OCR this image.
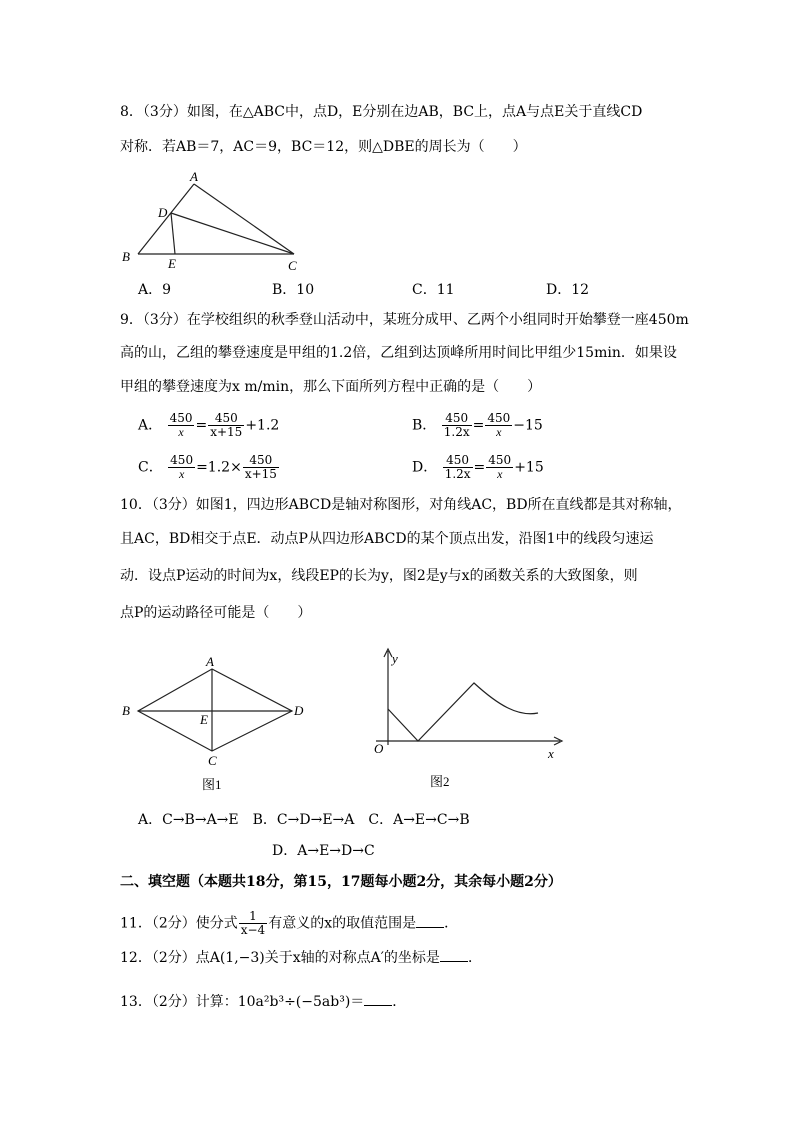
8．（3分）如图，在△ABC中，点D，E分别在边AB，BC上，点A与点E关于直线CD
对称．若AB＝7，AC＝9，BC＝12，则△DBE的周长为（　　）
A
D
B	E	C
A．9	B．10	C．11	D．12
9．（3分）在学校组织的秋季登山活动中，某班分成甲、乙两个小组同时开始攀登一座450m
高的山，乙组的攀登速度是甲组的1.2倍，乙组到达顶峰所用时间比甲组少15min．如果设
甲组的攀登速度为x m/min，那么下面所列方程中正确的是（　　）
A． $\frac{450}{x} = \frac{450}{x+15} +1.2$	B． $\frac{450}{1.2x} = \frac{450}{x} -15$
C． $\frac{450}{x} =1.2\times \frac{450}{x+15}$	D． $\frac{450}{1.2x} = \frac{450}{x} +15$
10．（3分）如图1，四边形ABCD是轴对称图形，对角线AC，BD所在直线都是其对称轴，
且AC，BD相交于点E．动点P从四边形ABCD的某个顶点出发，沿图1中的线段匀速运
动．设点P运动的时间为x，线段EP的长为y，图2是y与x的函数关系的大致图象，则
点P的运动路径可能是（　　）
A
B	D
E
C
图1
y
x
O
图2
A．C→B→A→E　B．C→D→E→A　C．A→E→C→B
D．A→E→D→C
二、填空题（本题共18分，第15，17题每小题2分，其余每小题2分）
11．（2分）使分式 $\frac{1}{x-4}$ 有意义的x的取值范围是 ．
12．（2分）点A(1,−3)关于x轴的对称点A′的坐标是 ．
13．（2分）计算：10a²b³÷(−5ab³)＝ ．
